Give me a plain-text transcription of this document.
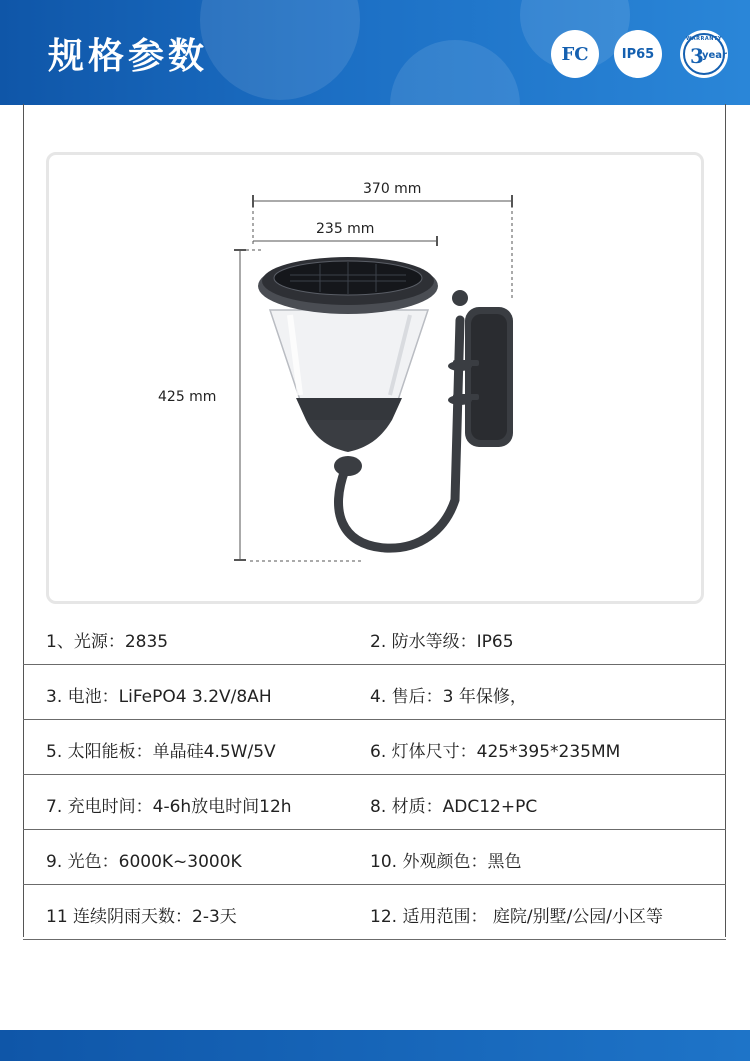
规格参数	FC	IP65
WARRANTY
3
year
370 mm
235 mm
425 mm
1、光源：2835	2. 防水等级：IP65
3. 电池：LiFePO4 3.2V/8AH	4. 售后：3 年保修，
5. 太阳能板：单晶硅4.5W/5V	6. 灯体尺寸：425*395*235MM
7. 充电时间：4-6h放电时间12h	8. 材质：ADC12+PC
9. 光色：6000K~3000K	10. 外观颜色：黑色
11 连续阴雨天数：2-3天	12. 适用范围： 庭院/别墅/公园/小区等
